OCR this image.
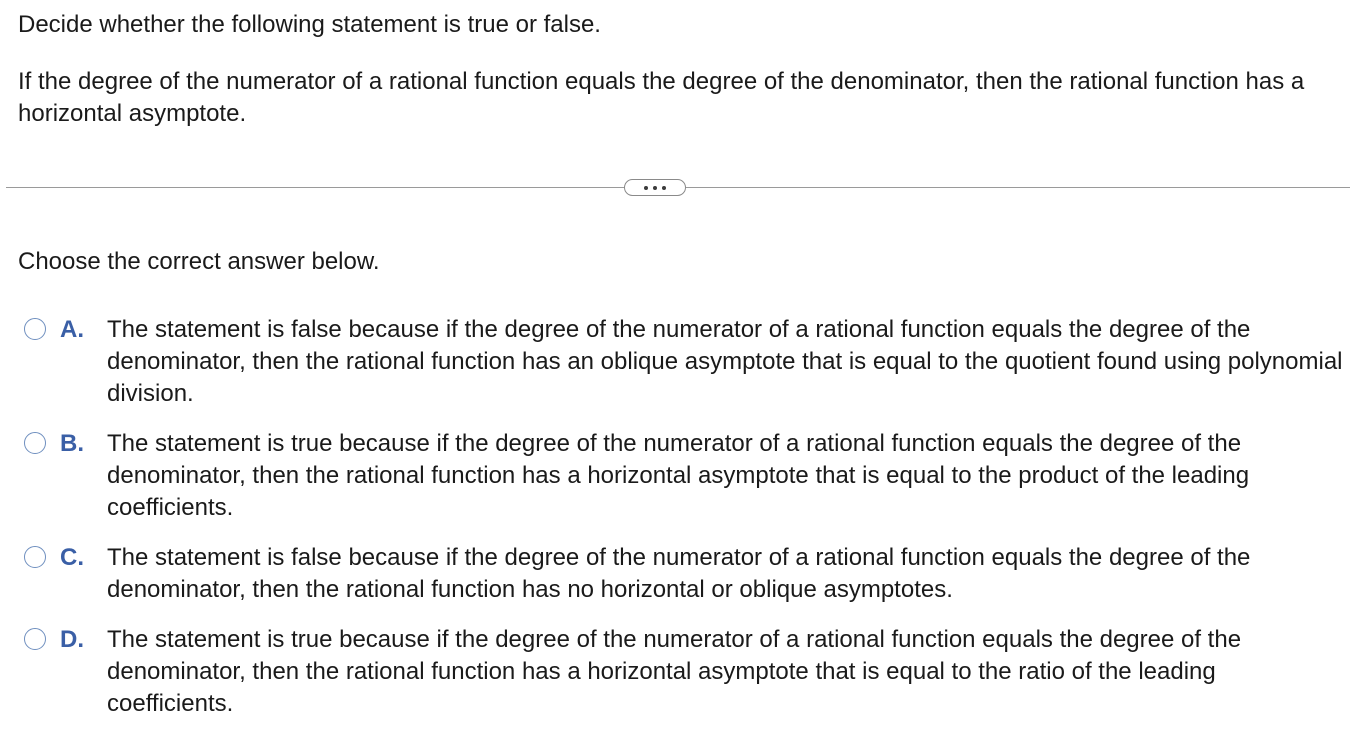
Decide whether the following statement is true or false.

If the degree of the numerator of a rational function equals the degree of the denominator, then the rational function has a horizontal asymptote.

Choose the correct answer below.

A. The statement is false because if the degree of the numerator of a rational function equals the degree of the denominator, then the rational function has an oblique asymptote that is equal to the quotient found using polynomial division.
B. The statement is true because if the degree of the numerator of a rational function equals the degree of the denominator, then the rational function has a horizontal asymptote that is equal to the product of the leading coefficients.
C. The statement is false because if the degree of the numerator of a rational function equals the degree of the denominator, then the rational function has no horizontal or oblique asymptotes.
D. The statement is true because if the degree of the numerator of a rational function equals the degree of the denominator, then the rational function has a horizontal asymptote that is equal to the ratio of the leading coefficients.
